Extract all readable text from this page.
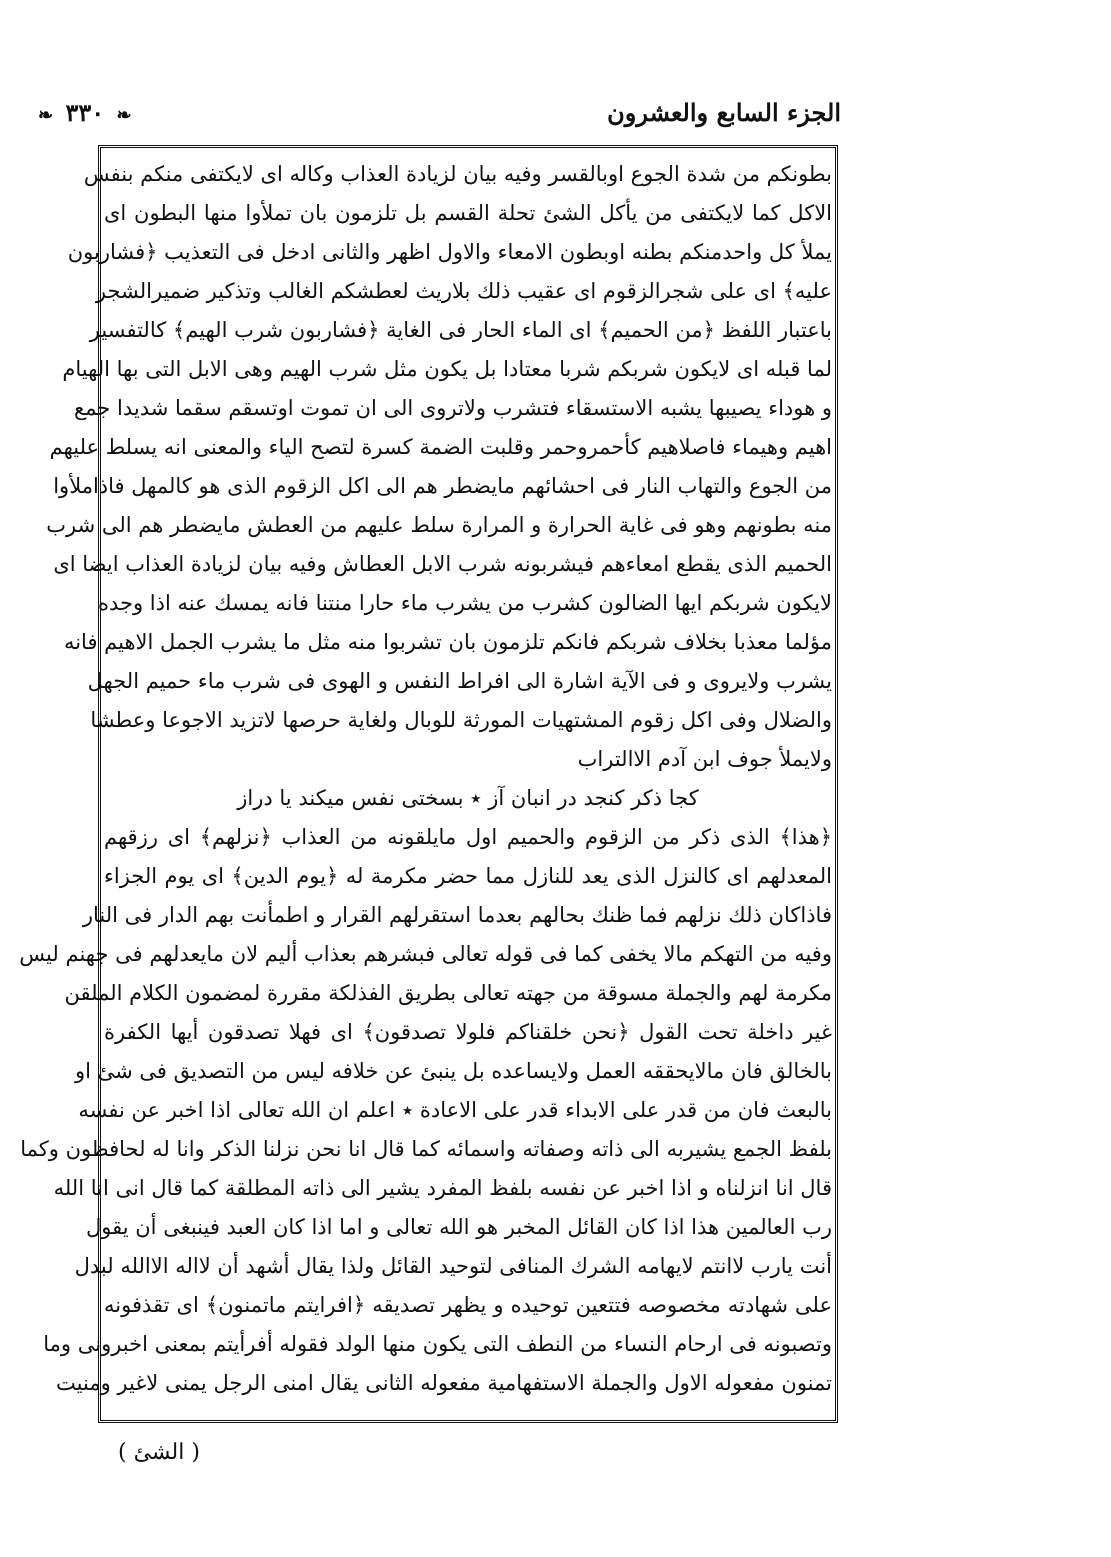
الجزء السابع والعشرون
❧ ٣٣٠ ❧
بطونكم من شدة الجوع اوبالقسر وفيه بيان لزيادة العذاب وكاله اى لايكتفى منكم بنفس
الاكل كما لايكتفى من يأكل الشئ تحلة القسم بل تلزمون بان تملأوا منها البطون اى
يملأ كل واحدمنكم بطنه اوبطون الامعاء والاول اظهر والثانى ادخل فى التعذيب ﴿فشاربون
عليه﴾ اى على شجرالزقوم اى عقيب ذلك بلاريث لعطشكم الغالب وتذكير ضميرالشجر
باعتبار اللفظ ﴿من الحميم﴾ اى الماء الحار فى الغاية ﴿فشاربون شرب الهيم﴾ كالتفسير
لما قبله اى لايكون شربكم شربا معتادا بل يكون مثل شرب الهيم وهى الابل التى بها الهيام
و هوداء يصيبها يشبه الاستسقاء فتشرب ولاتروى الى ان تموت اوتسقم سقما شديدا جمع
اهيم وهيماء فاصلاهيم كأحمروحمر وقلبت الضمة كسرة لتصح الياء والمعنى انه يسلط عليهم
من الجوع والتهاب النار فى احشائهم مايضطر هم الى اكل الزقوم الذى هو كالمهل فاذاملأوا
منه بطونهم وهو فى غاية الحرارة و المرارة سلط عليهم من العطش مايضطر هم الى شرب
الحميم الذى يقطع امعاءهم فيشربونه شرب الابل العطاش وفيه بيان لزيادة العذاب ايضا اى
لايكون شربكم ايها الضالون كشرب من يشرب ماء حارا منتنا فانه يمسك عنه اذا وجده
مؤلما معذبا بخلاف شربكم فانكم تلزمون بان تشربوا منه مثل ما يشرب الجمل الاهيم فانه
يشرب ولايروى و فى الآية اشارة الى افراط النفس و الهوى فى شرب ماء حميم الجهل
والضلال وفى اكل زقوم المشتهيات المورثة للوبال ولغاية حرصها لاتزيد الاجوعا وعطشا
ولايملأ جوف ابن آدم الاالتراب
كجا ذكر كنجد در انبان آز ٭ بسختى نفس ميكند يا دراز
﴿هذا﴾ الذى ذكر من الزقوم والحميم اول مايلقونه من العذاب ﴿نزلهم﴾ اى رزقهم
المعدلهم اى كالنزل الذى يعد للنازل مما حضر مكرمة له ﴿يوم الدين﴾ اى يوم الجزاء
فاذاكان ذلك نزلهم فما ظنك بحالهم بعدما استقرلهم القرار و اطمأنت بهم الدار فى النار
وفيه من التهكم مالا يخفى كما فى قوله تعالى فبشرهم بعذاب أليم لان مايعدلهم فى جهنم ليس
مكرمة لهم والجملة مسوقة من جهته تعالى بطريق الفذلكة مقررة لمضمون الكلام الملقن
غير داخلة تحت القول ﴿نحن خلقناكم فلولا تصدقون﴾ اى فهلا تصدقون أيها الكفرة
بالخالق فان مالايحققه العمل ولايساعده بل ينبئ عن خلافه ليس من التصديق فى شئ او
بالبعث فان من قدر على الابداء قدر على الاعادة ٭ اعلم ان الله تعالى اذا اخبر عن نفسه
بلفظ الجمع يشيربه الى ذاته وصفاته واسمائه كما قال انا نحن نزلنا الذكر وانا له لحافظون وكما
قال انا انزلناه و اذا اخبر عن نفسه بلفظ المفرد يشير الى ذاته المطلقة كما قال انى انا الله
رب العالمين هذا اذا كان القائل المخبر هو الله تعالى و اما اذا كان العبد فينبغى أن يقول
أنت يارب لاانتم لايهامه الشرك المنافى لتوحيد القائل ولذا يقال أشهد أن لااله الاالله لبدل
على شهادته مخصوصه فتتعين توحيده و يظهر تصديقه ﴿افرايتم ماتمنون﴾ اى تقذفونه
وتصبونه فى ارحام النساء من النطف التى يكون منها الولد فقوله أفرأيتم بمعنى اخبرونى وما
تمنون مفعوله الاول والجملة الاستفهامية مفعوله الثانى يقال امنى الرجل يمنى لاغير ومنيت
( الشئ )
